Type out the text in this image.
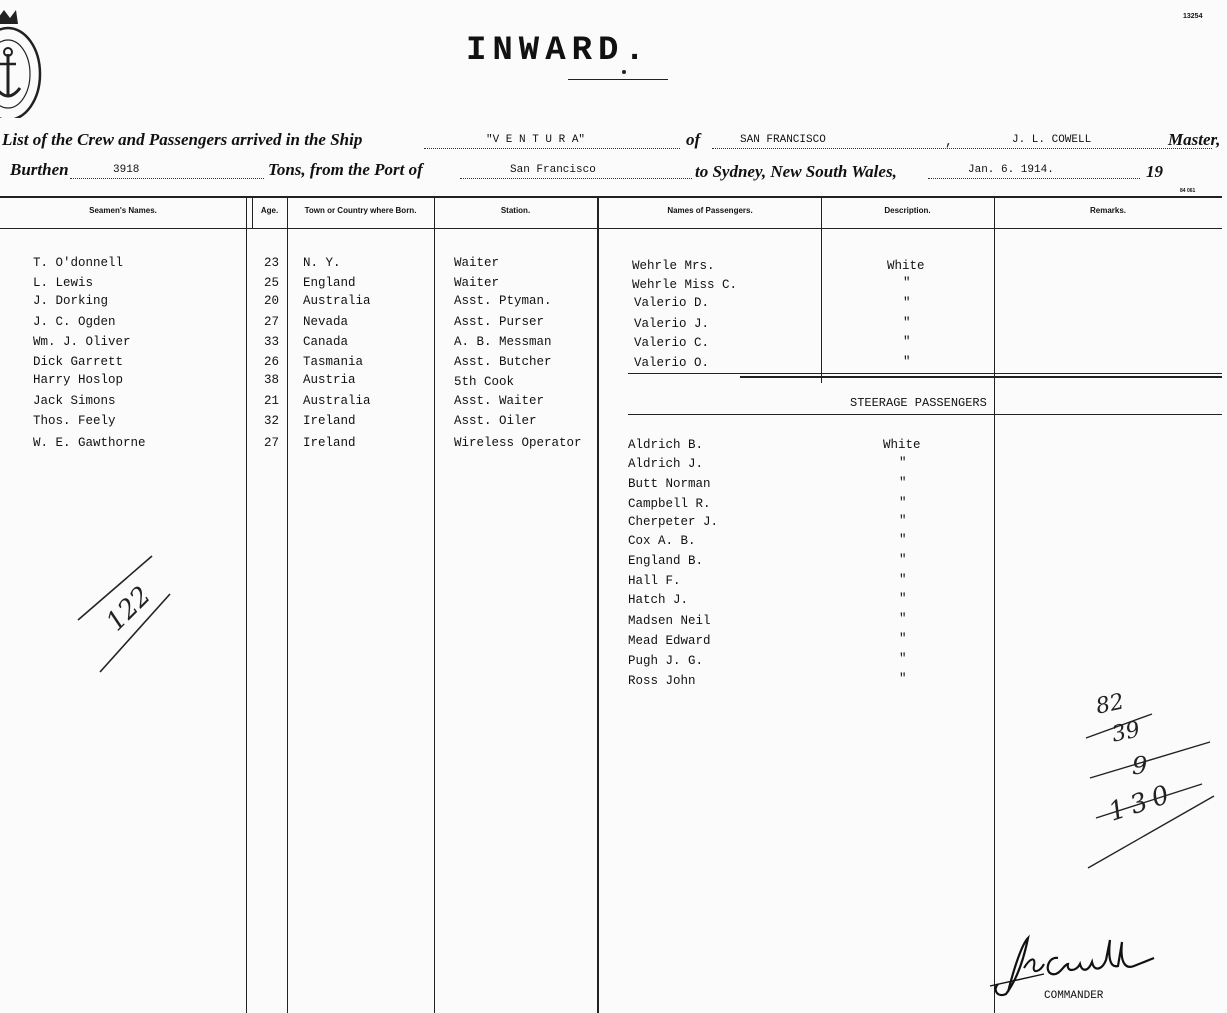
13254
INWARD.
List of the Crew and Passengers arrived in the Ship	"V E N T U R A"	of	SAN FRANCISCO	,	J. L. COWELL	Master,
Burthen	3918	Tons, from the Port of	San Francisco	to Sydney, New South Wales,	Jan. 6. 1914.	19
84 061
Seamen's Names.	Age.	Town or Country where Born.	Station.	Names of Passengers.	Description.	Remarks.
T. O'donnell	23 N. Y.	Waiter
L. Lewis	25 England	Waiter
J. Dorking	20 Australia	Asst. Ptyman.
J. C. Ogden	27 Nevada	Asst. Purser
Wm. J. Oliver	33 Canada	A. B. Messman
Dick Garrett	26 Tasmania	Asst. Butcher
Harry Hoslop	38 Austria	5th Cook
Jack Simons	21 Australia	Asst. Waiter
Thos. Feely	32 Ireland	Asst. Oiler
W. E. Gawthorne	27 Ireland	Wireless Operator
Wehrle Mrs.	White
Wehrle Miss C.	"
Valerio D.	"
Valerio J.	"
Valerio C.	"
Valerio O.	"
STEERAGE PASSENGERS
Aldrich B.	White
Aldrich J.	"
Butt Norman	"
Campbell R.	"
Cherpeter J.	"
Cox A. B.	"
England B.	"
Hall F.	"
Hatch J.	"
Madsen Neil	"
Mead Edward	"
Pugh J. G.	"
Ross John	"
122
82
39
9
130
COMMANDER
